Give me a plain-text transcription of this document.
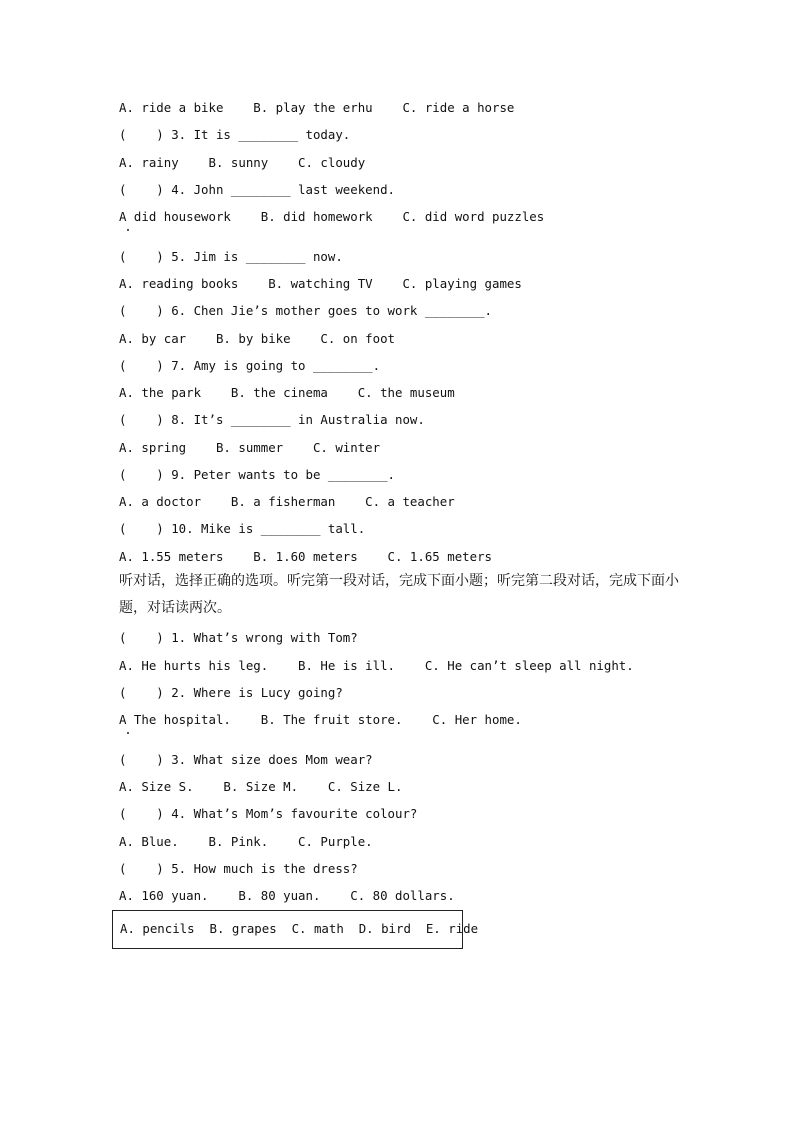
A. ride a bike    B. play the erhu    C. ride a horse
(    ) 3. It is ________ today.
A. rainy    B. sunny    C. cloudy
(    ) 4. John ________ last weekend.
A did housework    B. did homework    C. did word puzzles
(    ) 5. Jim is ________ now.
A. reading books    B. watching TV    C. playing games
(    ) 6. Chen Jie’s mother goes to work ________.
A. by car    B. by bike    C. on foot
(    ) 7. Amy is going to ________.
A. the park    B. the cinema    C. the museum
(    ) 8. It’s ________ in Australia now.
A. spring    B. summer    C. winter
(    ) 9. Peter wants to be ________.
A. a doctor    B. a fisherman    C. a teacher
(    ) 10. Mike is ________ tall.
A. 1.55 meters    B. 1.60 meters    C. 1.65 meters
听对话，选择正确的选项。听完第一段对话，完成下面小题；听完第二段对话，完成下面小题，对话读两次。
(    ) 1. What’s wrong with Tom?
A. He hurts his leg.    B. He is ill.    C. He can’t sleep all night.
(    ) 2. Where is Lucy going?
A The hospital.    B. The fruit store.    C. Her home.
(    ) 3. What size does Mom wear?
A. Size S.    B. Size M.    C. Size L.
(    ) 4. What’s Mom’s favourite colour?
A. Blue.    B. Pink.    C. Purple.
(    ) 5. How much is the dress?
A. 160 yuan.    B. 80 yuan.    C. 80 dollars.
A. pencils  B. grapes  C. math  D. bird  E. ride
